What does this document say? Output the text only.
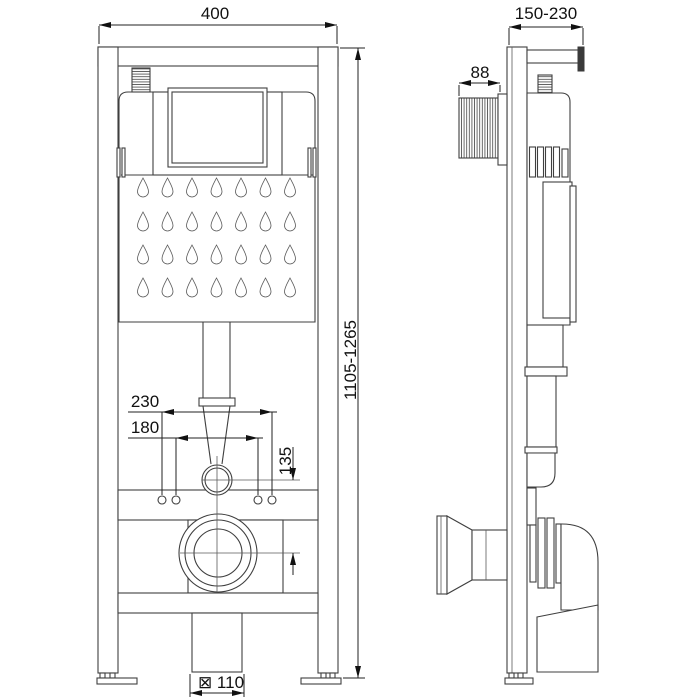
400
1105-1265
230
180
135
⊠ 110
150-230
88
